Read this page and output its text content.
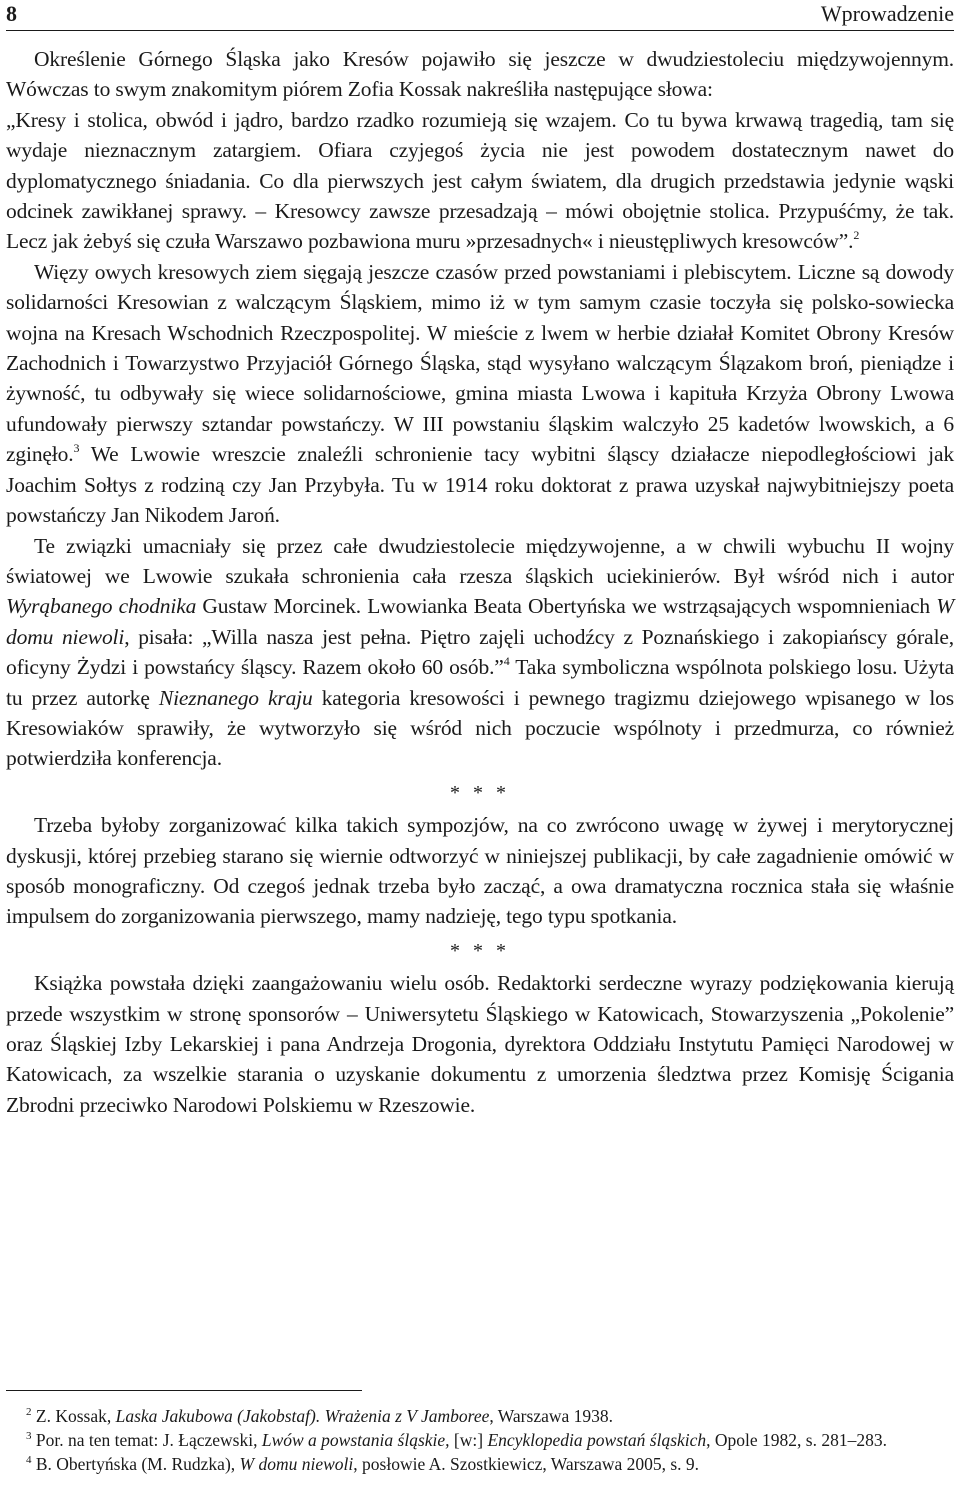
8	Wprowadzenie

Określenie Górnego Śląska jako Kresów pojawiło się jeszcze w dwudziestoleciu międzywojennym. Wówczas to swym znakomitym piórem Zofia Kossak nakreśliła następujące słowa:

„Kresy i stolica, obwód i jądro, bardzo rzadko rozumieją się wzajem. Co tu bywa krwawą tragedią, tam się wydaje nieznacznym zatargiem. Ofiara czyjegoś życia nie jest powodem dostatecznym nawet do dyplomatycznego śniadania. Co dla pierwszych jest całym światem, dla drugich przedstawia jedynie wąski odcinek zawikłanej sprawy. – Kresowcy zawsze przesadzają – mówi obojętnie stolica. Przypuśćmy, że tak. Lecz jak żebyś się czuła Warszawo pozbawiona muru »przesadnych« i nieustępliwych kresowców”.$^2$

Więzy owych kresowych ziem sięgają jeszcze czasów przed powstaniami i plebiscytem. Liczne są dowody solidarności Kresowian z walczącym Śląskiem, mimo iż w tym samym czasie toczyła się polsko-sowiecka wojna na Kresach Wschodnich Rzeczpospolitej. W mieście z lwem w herbie działał Komitet Obrony Kresów Zachodnich i Towarzystwo Przyjaciół Górnego Śląska, stąd wysyłano walczącym Ślązakom broń, pieniądze i żywność, tu odbywały się wiece solidarnościowe, gmina miasta Lwowa i kapituła Krzyża Obrony Lwowa ufundowały pierwszy sztandar powstańczy. W III powstaniu śląskim walczyło 25 kadetów lwowskich, a 6 zginęło.$^3$ We Lwowie wreszcie znaleźli schronienie tacy wybitni śląscy działacze niepodległościowi jak Joachim Sołtys z rodziną czy Jan Przybyła. Tu w 1914 roku doktorat z prawa uzyskał najwybitniejszy poeta powstańczy Jan Nikodem Jaroń.

Te związki umacniały się przez całe dwudziestolecie międzywojenne, a w chwili wybuchu II wojny światowej we Lwowie szukała schronienia cała rzesza śląskich uciekinierów. Był wśród nich i autor Wyrąbanego chodnika Gustaw Morcinek. Lwowianka Beata Obertyńska we wstrząsających wspomnieniach W domu niewoli, pisała: „Willa nasza jest pełna. Piętro zajęli uchodźcy z Poznańskiego i zakopiańscy górale, oficyny Żydzi i powstańcy śląscy. Razem około 60 osób.”$^4$ Taka symboliczna wspólnota polskiego losu. Użyta tu przez autorkę Nieznanego kraju kategoria kresowości i pewnego tragizmu dziejowego wpisanego w los Kresowiaków sprawiły, że wytworzyło się wśród nich poczucie wspólnoty i przedmurza, co również potwierdziła konferencja.

* * *

Trzeba byłoby zorganizować kilka takich sympozjów, na co zwrócono uwagę w żywej i merytorycznej dyskusji, której przebieg starano się wiernie odtworzyć w niniejszej publikacji, by całe zagadnienie omówić w sposób monograficzny. Od czegoś jednak trzeba było zacząć, a owa dramatyczna rocznica stała się właśnie impulsem do zorganizowania pierwszego, mamy nadzieję, tego typu spotkania.

* * *

Książka powstała dzięki zaangażowaniu wielu osób. Redaktorki serdeczne wyrazy podziękowania kierują przede wszystkim w stronę sponsorów – Uniwersytetu Śląskiego w Katowicach, Stowarzyszenia „Pokolenie” oraz Śląskiej Izby Lekarskiej i pana Andrzeja Drogonia, dyrektora Oddziału Instytutu Pamięci Narodowej w Katowicach, za wszelkie starania o uzyskanie dokumentu z umorzenia śledztwa przez Komisję Ścigania Zbrodni przeciwko Narodowi Polskiemu w Rzeszowie.

$^2$ Z. Kossak, Laska Jakubowa (Jakobstaf). Wrażenia z V Jamboree, Warszawa 1938.

$^3$ Por. na ten temat: J. Łączewski, Lwów a powstania śląskie, [w:] Encyklopedia powstań śląskich, Opole 1982, s. 281–283.

$^4$ B. Obertyńska (M. Rudzka), W domu niewoli, posłowie A. Szostkiewicz, Warszawa 2005, s. 9.
